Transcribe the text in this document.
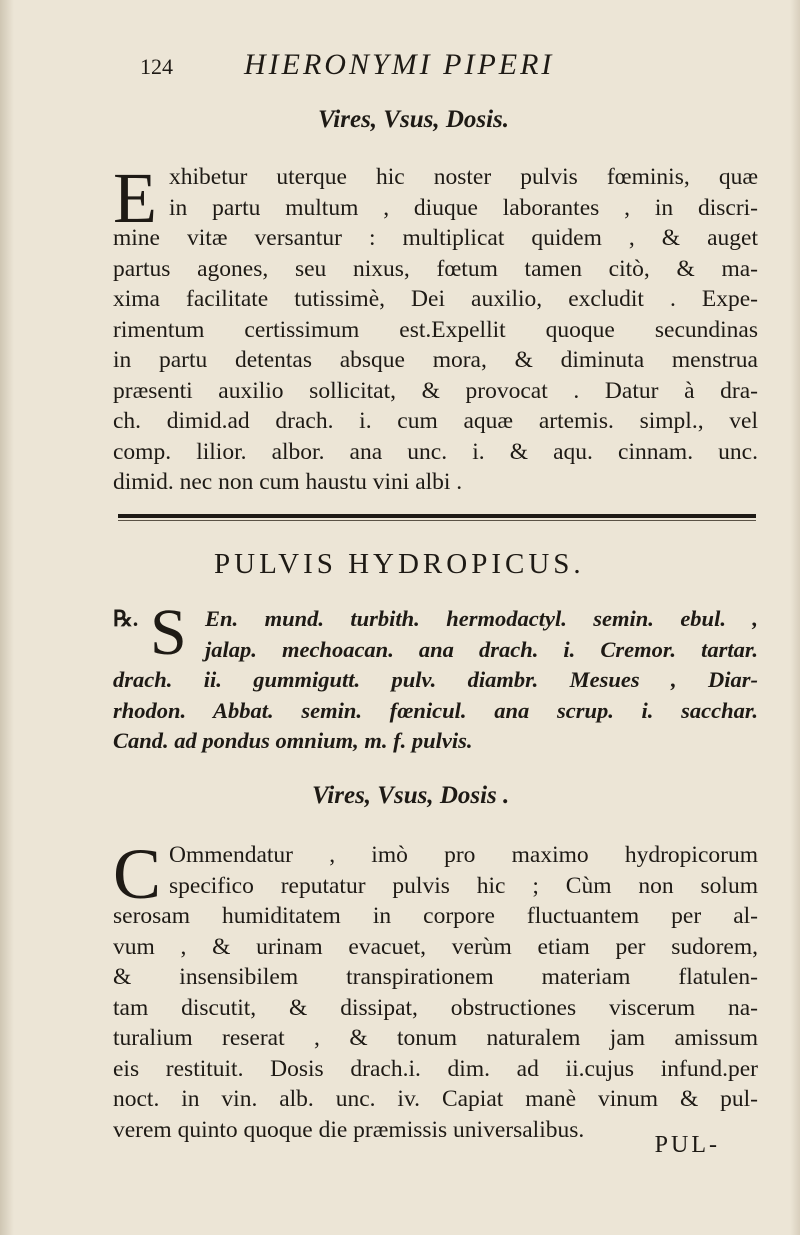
124 HIERONYMI PIPERI
Vires, Vsus, Dosis.
E xhibetur uterque hic noster pulvis fœminis, quæ
in partu multum , diuque laborantes , in discri-
mine vitæ versantur : multiplicat quidem , & auget
partus agones, seu nixus, fœtum tamen citò, & ma-
xima facilitate tutissimè, Dei auxilio, excludit . Expe-
rimentum certissimum est.Expellit quoque secundinas
in partu detentas absque mora, & diminuta menstrua
præsenti auxilio sollicitat, & provocat . Datur à dra-
ch. dimid.ad drach. i. cum aquæ artemis. simpl., vel
comp. lilior. albor. ana unc. i. & aqu. cinnam. unc.
dimid. nec non cum haustu vini albi .
PULVIS HYDROPICUS.
℞. S En. mund. turbith. hermodactyl. semin. ebul. ,
jalap. mechoacan. ana drach. i. Cremor. tartar.
drach. ii. gummigutt. pulv. diambr. Mesues , Diar-
rhodon. Abbat. semin. fœnicul. ana scrup. i. sacchar.
Cand. ad pondus omnium, m. f. pulvis.
Vires, Vsus, Dosis .
C Ommendatur , imò pro maximo hydropicorum
specifico reputatur pulvis hic ; Cùm non solum
serosam humiditatem in corpore fluctuantem per al-
vum , & urinam evacuet, verùm etiam per sudorem,
& insensibilem transpirationem materiam flatulen-
tam discutit, & dissipat, obstructiones viscerum na-
turalium reserat , & tonum naturalem jam amissum
eis restituit. Dosis drach.i. dim. ad ii.cujus infund.per
noct. in vin. alb. unc. iv. Capiat manè vinum & pul-
verem quinto quoque die præmissis universalibus.
PUL-
